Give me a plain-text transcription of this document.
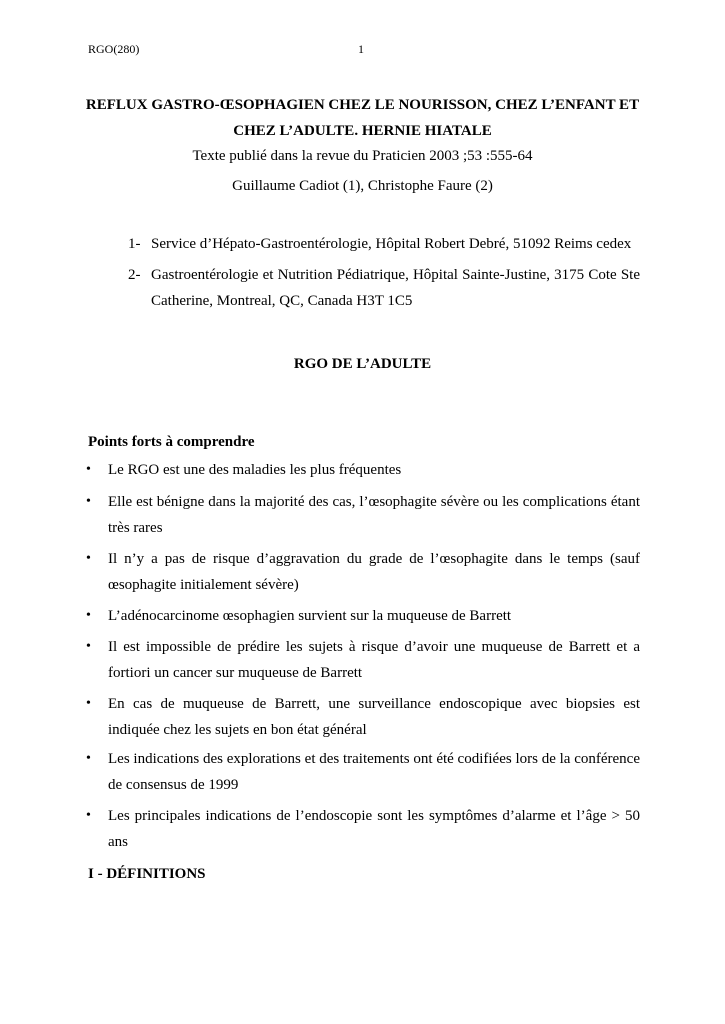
RGO(280)	1
REFLUX GASTRO-ŒSOPHAGIEN CHEZ LE NOURISSON, CHEZ L’ENFANT ET CHEZ L’ADULTE. HERNIE HIATALE
Texte publié dans la revue du Praticien 2003 ;53 :555-64
Guillaume Cadiot (1), Christophe Faure (2)
1- Service d’Hépato-Gastroentérologie, Hôpital Robert Debré, 51092 Reims cedex
2- Gastroentérologie et Nutrition Pédiatrique, Hôpital Sainte-Justine, 3175 Cote Ste Catherine, Montreal, QC, Canada H3T 1C5
RGO DE L’ADULTE
Points forts à comprendre
• Le RGO est une des maladies les plus fréquentes
• Elle est bénigne dans la majorité des cas, l’œsophagite sévère ou les complications étant très rares
• Il n’y a pas de risque d’aggravation du grade de l’œsophagite dans le temps (sauf œsophagite initialement sévère)
• L’adénocarcinome œsophagien survient sur la muqueuse de Barrett
• Il est impossible de prédire les sujets à risque d’avoir une muqueuse de Barrett et a fortiori un cancer sur muqueuse de Barrett
• En cas de muqueuse de Barrett, une surveillance endoscopique avec biopsies est indiquée chez les sujets en bon état général
• Les indications des explorations et des traitements ont été codifiées lors de la conférence de consensus de 1999
• Les principales indications de l’endoscopie sont les symptômes d’alarme et l’âge > 50 ans
I - DÉFINITIONS
